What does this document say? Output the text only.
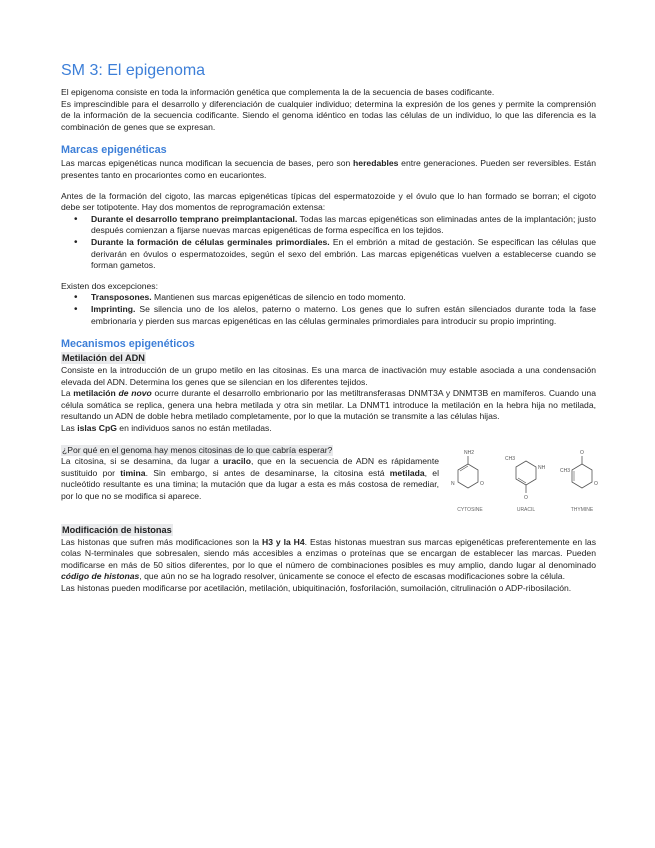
SM 3: El epigenoma

El epigenoma consiste en toda la información genética que complementa la de la secuencia de bases codificante.

Es imprescindible para el desarrollo y diferenciación de cualquier individuo; determina la expresión de los genes y permite la comprensión de la información de la secuencia codificante. Siendo el genoma idéntico en todas las células de un individuo, lo que las diferencia es la combinación de genes que se expresan.

Marcas epigenéticas

Las marcas epigenéticas nunca modifican la secuencia de bases, pero son heredables entre generaciones. Pueden ser reversibles. Están presentes tanto en procariontes como en eucariontes.

Antes de la formación del cigoto, las marcas epigenéticas típicas del espermatozoide y el óvulo que lo han formado se borran; el cigoto debe ser totipotente. Hay dos momentos de reprogramación extensa:

• Durante el desarrollo temprano preimplantacional. Todas las marcas epigenéticas son eliminadas antes de la implantación; justo después comienzan a fijarse nuevas marcas epigenéticas de forma específica en los tejidos.
• Durante la formación de células germinales primordiales. En el embrión a mitad de gestación. Se especifican las células que derivarán en óvulos o espermatozoides, según el sexo del embrión. Las marcas epigenéticas vuelven a establecerse cuando se forman gametos.

Existen dos excepciones:

• Transposones. Mantienen sus marcas epigenéticas de silencio en todo momento.
• Imprinting. Se silencia uno de los alelos, paterno o materno. Los genes que lo sufren están silenciados durante toda la fase embrionaria y pierden sus marcas epigenéticas en las células germinales primordiales para introducir su propio imprinting.
Mecanismos epigenéticos
Metilación del ADN

Consiste en la introducción de un grupo metilo en las citosinas. Es una marca de inactivación muy estable asociada a una condensación elevada del ADN. Determina los genes que se silencian en los diferentes tejidos.

La metilación de novo ocurre durante el desarrollo embrionario por las metiltransferasas DNMT3A y DNMT3B en mamíferos. Cuando una célula somática se replica, genera una hebra metilada y otra sin metilar. La DNMT1 introduce la metilación en la hebra hija no metilada, resultando un ADN de doble hebra metilado completamente, por lo que la mutación se transmite a las células hijas.

Las islas CpG en individuos sanos no están metiladas.

¿Por qué en el genoma hay menos citosinas de lo que cabría esperar?

La citosina, si se desamina, da lugar a uracilo, que en la secuencia de ADN es rápidamente sustituido por timina. Sin embargo, si antes de desaminarse, la citosina está metilada, el nucleótido resultante es una timina; la mutación que da lugar a esta es más costosa de remediar, por lo que no se modifica si aparece.

NH2
O
N
CYTOSINE
CH3
NH
O
URACIL
O
CH3
O
THYMINE
Modificación de histonas

Las histonas que sufren más modificaciones son la H3 y la H4. Estas histonas muestran sus marcas epigenéticas preferentemente en las colas N-terminales que sobresalen, siendo más accesibles a enzimas o proteínas que se encargan de establecer las marcas. Pueden modificarse en más de 50 sitios diferentes, por lo que el número de combinaciones posibles es muy amplio, dando lugar al denominado código de histonas, que aún no se ha logrado resolver, únicamente se conoce el efecto de escasas modificaciones sobre la célula.

Las histonas pueden modificarse por acetilación, metilación, ubiquitinación, fosforilación, sumoilación, citrulinación o ADP-ribosilación.
